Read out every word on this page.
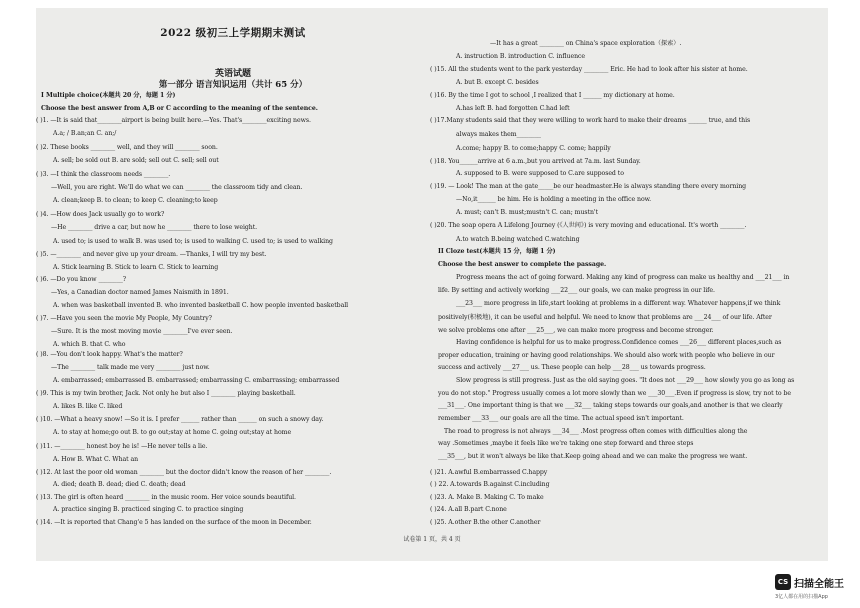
2022 级初三上学期期末测试
英语试题
第一部分 语言知识运用（共计 65 分）
I Multiple choice(本题共 20 分，每题 1 分)
Choose the best answer from A,B or C according to the meaning of the sentence.
( )1. —It is said that________airport is being built here.—Yes. That's________exciting news.
A.a; / B.an;an C. an;/
( )2. These books ________ well, and they will ________ soon.
A. sell; be sold out B. are sold; sell out C. sell; sell out
( )3. —I think the classroom needs ________.
—Well, you are right. We'll do what we can ________ the classroom tidy and clean.
A. clean;keep B. to clean; to keep C. cleaning;to keep
( )4. —How does Jack usually go to work?
—He ________ drive a car, but now he ________ there to lose weight.
A. used to; is used to walk B. was used to; is used to walking C. used to; is used to walking
( )5. —________ and never give up your dream. —Thanks, I will try my best.
A. Stick learning B. Stick to learn C. Stick to learning
( )6. —Do you know ________?
—Yes, a Canadian doctor named James Naismith in 1891.
A. when was basketball invented B. who invented basketball C. how people invented basketball
( )7. —Have you seen the movie My People, My Country?
—Sure. It is the most moving movie ________I've ever seen.
A. which B. that C. who
( )8. —You don't look happy. What's the matter?
—The ________ talk made me very ________ just now.
A. embarrassed; embarrassed B. embarrassed; embarrassing C. embarrassing; embarrassed
( )9. This is my twin brother, Jack. Not only he but also I ________ playing basketball.
A. likes B. like C. liked
( )10. —What a heavy snow! —So it is. I prefer ______ rather than ______ on such a snowy day.
A. to stay at home;go out B. to go out;stay at home C. going out;stay at home
( )11. —________ honest boy he is! —He never tells a lie.
A. How B. What C. What an
( )12. At last the poor old woman ________ but the doctor didn't know the reason of her ________.
A. died; death B. dead; died C. death; dead
( )13. The girl is often heard ________ in the music room. Her voice sounds beautiful.
A. practice singing B. practiced singing C. to practice singing
( )14. —It is reported that Chang'e 5 has landed on the surface of the moon in December.
—It has a great ________ on China's space exploration（探索）.
A. instruction B. introduction C. influence
( )15. All the students went to the park yesterday ________ Eric. He had to look after his sister at home.
A. but B. except C. besides
( )16. By the time I got to school ,I realized that I ______ my dictionary at home.
A.has left B. had forgotten C.had left
( )17.Many students said that they were willing to work hard to make their dreams ______ true, and this
always makes them________
A.come; happy B. to come;happy C. come; happily
( )18. You______arrive at 6 a.m.,but you arrived at 7a.m. last Sunday.
A. supposed to B. were supposed to C.are supposed to
( )19. — Look! The man at the gate_____be our headmaster.He is always standing there every morning
—No,it______ be him. He is holding a meeting in the office now.
A. must; can't B. must;mustn't C. can; mustn't
( )20. The soap opera A Lifelong Journey (《人世间》) is very moving and educational. It's worth ________.
A.to watch B.being watched C.watching
II Cloze test(本题共 15 分，每题 1 分)
Choose the best answer to complete the passage.
Progress means the act of going forward. Making any kind of progress can make us healthy and ___21___ in
life. By setting and actively working ___22___ our goals, we can make progress in our life.
___23___ more progress in life,start looking at problems in a different way. Whatever happens,if we think
positively(积极地), it can be useful and helpful. We need to know that problems are ___24___ of our life. After
we solve problems one after ___25___, we can make more progress and become stronger.
Having confidence is helpful for us to make progress.Confidence comes ___26___ different places,such as
proper education, training or having good relationships. We should also work with people who believe in our
success and actively ___27___ us. These people can help ___28___ us towards progress.
Slow progress is still progress. Just as the old saying goes. "It does not ___29___ how slowly you go as long as
you do not stop." Progress usually comes a lot more slowly than we ___30___.Even if progress is slow, try not to be
___31___. One important thing is that we ___32___ taking steps towards our goals,and another is that we clearly
remember ___33___ our goals are all the time. The actual speed isn't important.
The road to progress is not always ___34___ .Most progress often comes with difficulties along the
way .Sometimes ,maybe it feels like we're taking one step forward and three steps
___35___, but it won't always be like that.Keep going ahead and we can make the progress we want.
( )21. A.awful B.embarrassed C.happy
( ) 22. A.towards B.against C.including
( )23. A. Make B. Making C. To make
( )24. A.all B.part C.none
( )25. A.other B.the other C.another
试卷第 1 页，共 4 页
CS 扫描全能王
3亿人都在用的扫描App
